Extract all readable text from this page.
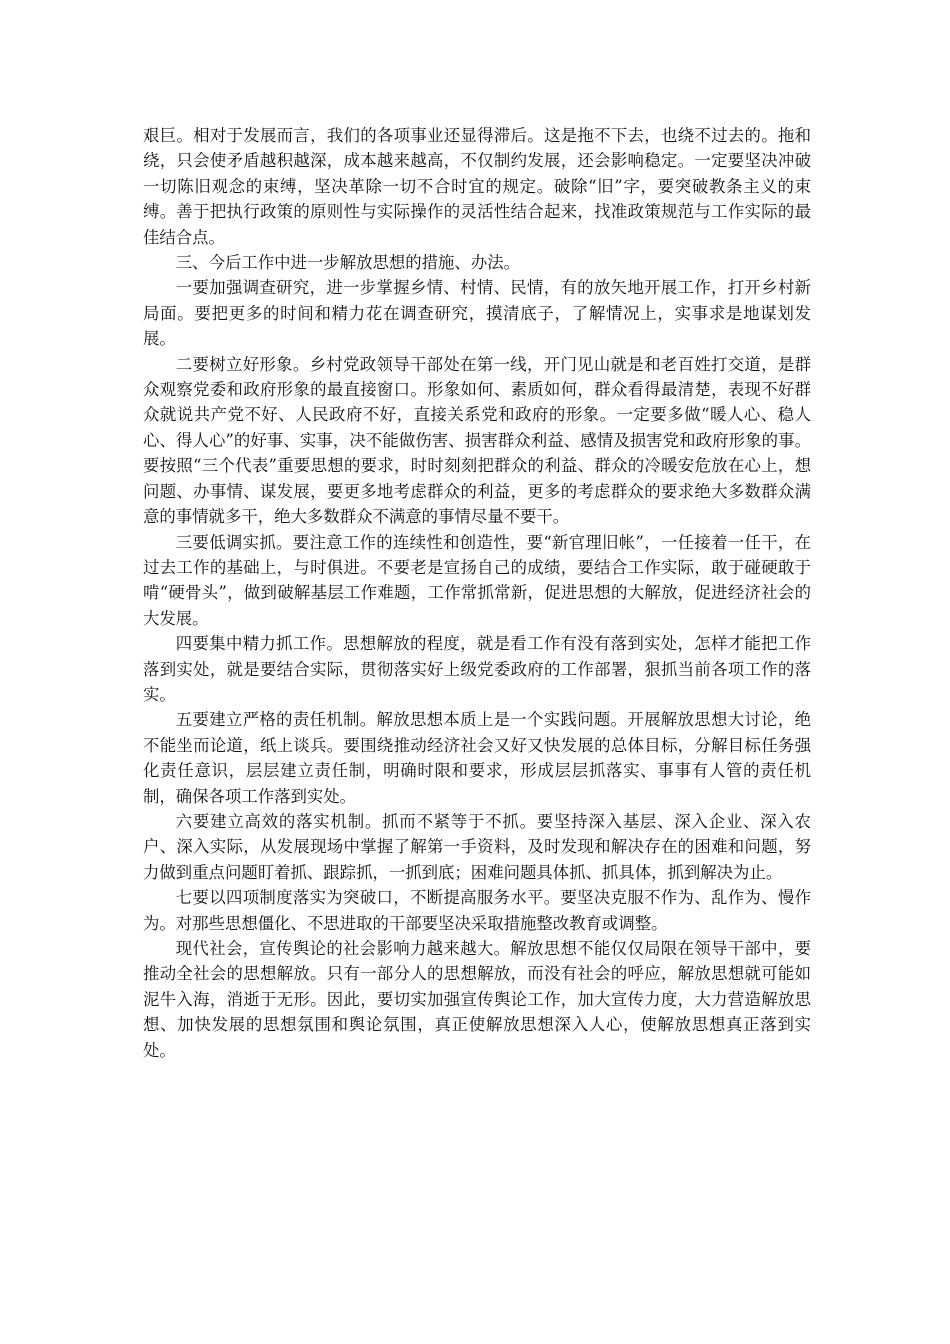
艰巨。相对于发展而言，我们的各项事业还显得滞后。这是拖不下去，也绕不过去的。拖和绕，只会使矛盾越积越深，成本越来越高，不仅制约发展，还会影响稳定。一定要坚决冲破一切陈旧观念的束缚，坚决革除一切不合时宜的规定。破除“旧”字，要突破教条主义的束缚。善于把执行政策的原则性与实际操作的灵活性结合起来，找准政策规范与工作实际的最佳结合点。

三、今后工作中进一步解放思想的措施、办法。

一要加强调查研究，进一步掌握乡情、村情、民情，有的放矢地开展工作，打开乡村新局面。要把更多的时间和精力花在调查研究，摸清底子，了解情况上，实事求是地谋划发展。

二要树立好形象。乡村党政领导干部处在第一线，开门见山就是和老百姓打交道，是群众观察党委和政府形象的最直接窗口。形象如何、素质如何，群众看得最清楚，表现不好群众就说共产党不好、人民政府不好，直接关系党和政府的形象。一定要多做“暖人心、稳人心、得人心”的好事、实事，决不能做伤害、损害群众利益、感情及损害党和政府形象的事。要按照“三个代表”重要思想的要求，时时刻刻把群众的利益、群众的冷暖安危放在心上，想问题、办事情、谋发展，要更多地考虑群众的利益，更多的考虑群众的要求绝大多数群众满意的事情就多干，绝大多数群众不满意的事情尽量不要干。

三要低调实抓。要注意工作的连续性和创造性，要“新官理旧帐”，一任接着一任干，在过去工作的基础上，与时俱进。不要老是宣扬自己的成绩，要结合工作实际，敢于碰硬敢于啃“硬骨头”，做到破解基层工作难题，工作常抓常新，促进思想的大解放，促进经济社会的大发展。

四要集中精力抓工作。思想解放的程度，就是看工作有没有落到实处，怎样才能把工作落到实处，就是要结合实际，贯彻落实好上级党委政府的工作部署，狠抓当前各项工作的落实。

五要建立严格的责任机制。解放思想本质上是一个实践问题。开展解放思想大讨论，绝不能坐而论道，纸上谈兵。要围绕推动经济社会又好又快发展的总体目标，分解目标任务强化责任意识，层层建立责任制，明确时限和要求，形成层层抓落实、事事有人管的责任机制，确保各项工作落到实处。

六要建立高效的落实机制。抓而不紧等于不抓。要坚持深入基层、深入企业、深入农户、深入实际，从发展现场中掌握了解第一手资料，及时发现和解决存在的困难和问题，努力做到重点问题盯着抓、跟踪抓，一抓到底；困难问题具体抓、抓具体，抓到解决为止。

七要以四项制度落实为突破口，不断提高服务水平。要坚决克服不作为、乱作为、慢作为。对那些思想僵化、不思进取的干部要坚决采取措施整改教育或调整。

现代社会，宣传舆论的社会影响力越来越大。解放思想不能仅仅局限在领导干部中，要推动全社会的思想解放。只有一部分人的思想解放，而没有社会的呼应，解放思想就可能如泥牛入海，消逝于无形。因此，要切实加强宣传舆论工作，加大宣传力度，大力营造解放思想、加快发展的思想氛围和舆论氛围，真正使解放思想深入人心，使解放思想真正落到实处。
